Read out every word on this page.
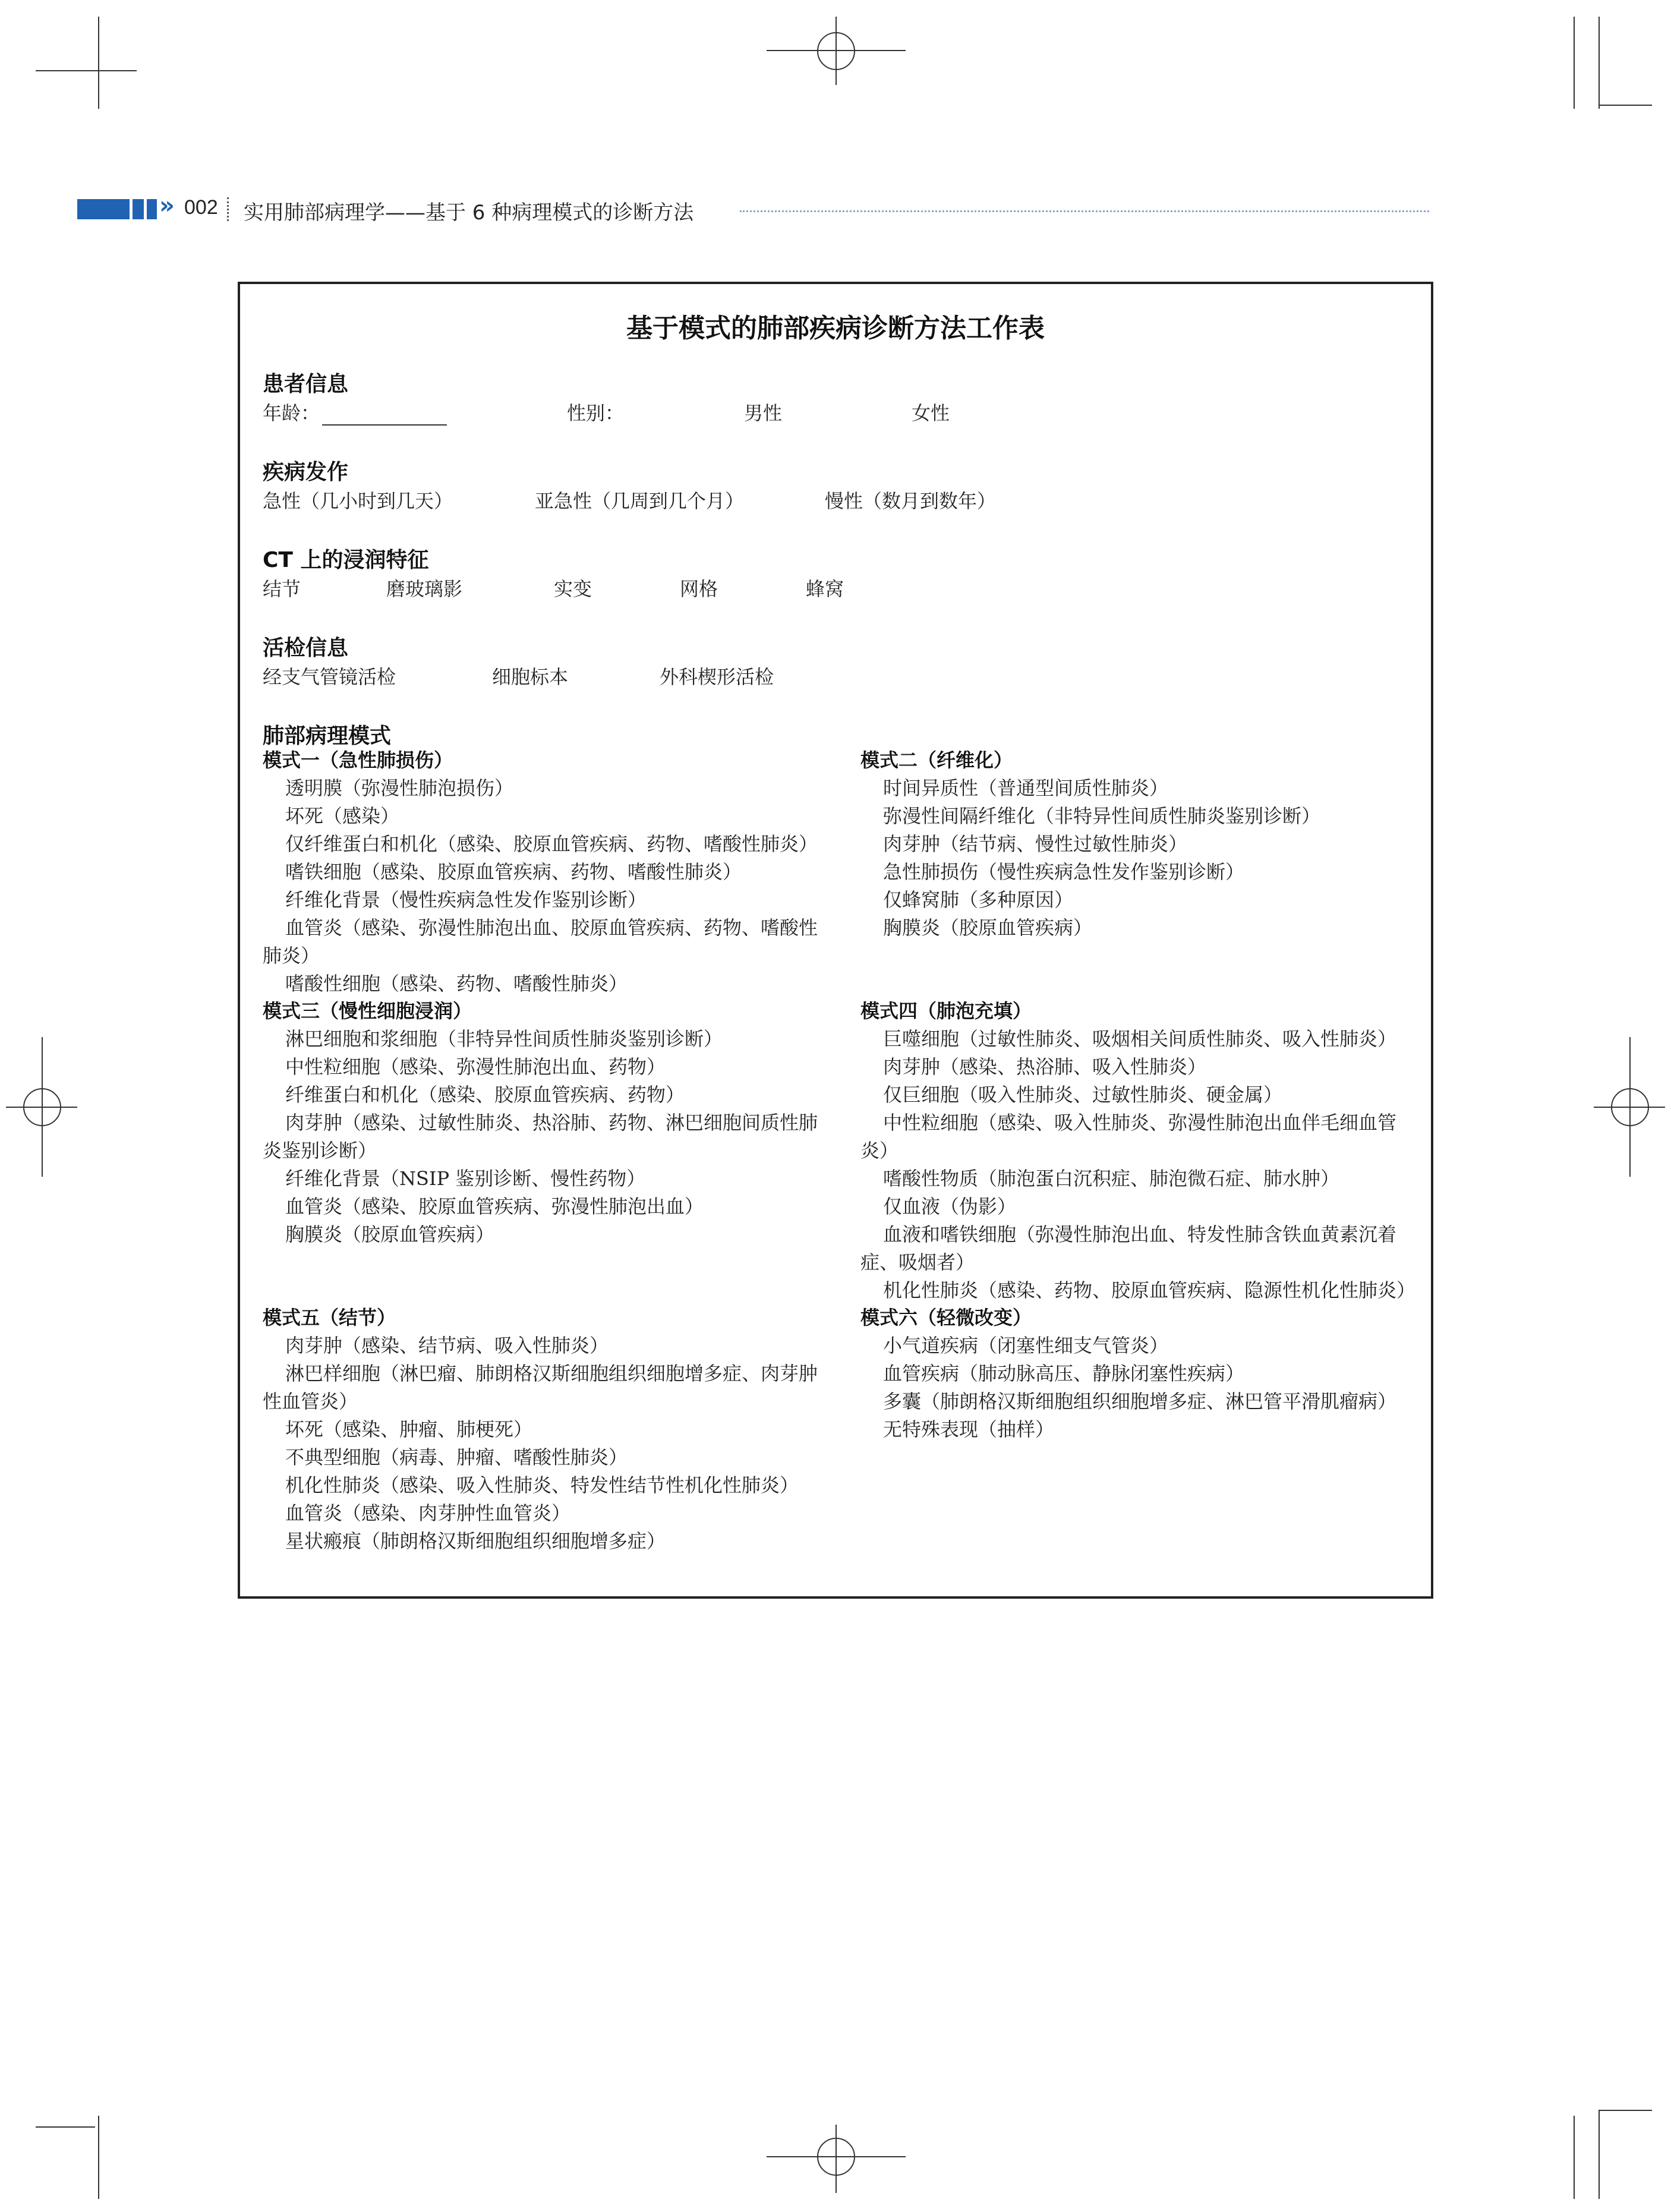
» 002 实用肺部病理学——基于 6 种病理模式的诊断方法
基于模式的肺部疾病诊断方法工作表
患者信息
年龄：	性别：	男性	女性
疾病发作
急性（几小时到几天）	亚急性（几周到几个月）	慢性（数月到数年）
CT 上的浸润特征
结节	磨玻璃影	实变	网格	蜂窝
活检信息
经支气管镜活检	细胞标本	外科楔形活检
肺部病理模式
模式一（急性肺损伤）
透明膜（弥漫性肺泡损伤）
坏死（感染）
仅纤维蛋白和机化（感染、胶原血管疾病、药物、嗜酸性肺炎）
嗜铁细胞（感染、胶原血管疾病、药物、嗜酸性肺炎）
纤维化背景（慢性疾病急性发作鉴别诊断）
血管炎（感染、弥漫性肺泡出血、胶原血管疾病、药物、嗜酸性肺炎）
嗜酸性细胞（感染、药物、嗜酸性肺炎）
模式二（纤维化）
时间异质性（普通型间质性肺炎）
弥漫性间隔纤维化（非特异性间质性肺炎鉴别诊断）
肉芽肿（结节病、慢性过敏性肺炎）
急性肺损伤（慢性疾病急性发作鉴别诊断）
仅蜂窝肺（多种原因）
胸膜炎（胶原血管疾病）
模式三（慢性细胞浸润）
淋巴细胞和浆细胞（非特异性间质性肺炎鉴别诊断）
中性粒细胞（感染、弥漫性肺泡出血、药物）
纤维蛋白和机化（感染、胶原血管疾病、药物）
肉芽肿（感染、过敏性肺炎、热浴肺、药物、淋巴细胞间质性肺炎鉴别诊断）
纤维化背景（NSIP 鉴别诊断、慢性药物）
血管炎（感染、胶原血管疾病、弥漫性肺泡出血）
胸膜炎（胶原血管疾病）
模式四（肺泡充填）
巨噬细胞（过敏性肺炎、吸烟相关间质性肺炎、吸入性肺炎）
肉芽肿（感染、热浴肺、吸入性肺炎）
仅巨细胞（吸入性肺炎、过敏性肺炎、硬金属）
中性粒细胞（感染、吸入性肺炎、弥漫性肺泡出血伴毛细血管炎）
嗜酸性物质（肺泡蛋白沉积症、肺泡微石症、肺水肿）
仅血液（伪影）
血液和嗜铁细胞（弥漫性肺泡出血、特发性肺含铁血黄素沉着症、吸烟者）
机化性肺炎（感染、药物、胶原血管疾病、隐源性机化性肺炎）
模式五（结节）
肉芽肿（感染、结节病、吸入性肺炎）
淋巴样细胞（淋巴瘤、肺朗格汉斯细胞组织细胞增多症、肉芽肿性血管炎）
坏死（感染、肿瘤、肺梗死）
不典型细胞（病毒、肿瘤、嗜酸性肺炎）
机化性肺炎（感染、吸入性肺炎、特发性结节性机化性肺炎）
血管炎（感染、肉芽肿性血管炎）
星状瘢痕（肺朗格汉斯细胞组织细胞增多症）
模式六（轻微改变）
小气道疾病（闭塞性细支气管炎）
血管疾病（肺动脉高压、静脉闭塞性疾病）
多囊（肺朗格汉斯细胞组织细胞增多症、淋巴管平滑肌瘤病）
无特殊表现（抽样）
